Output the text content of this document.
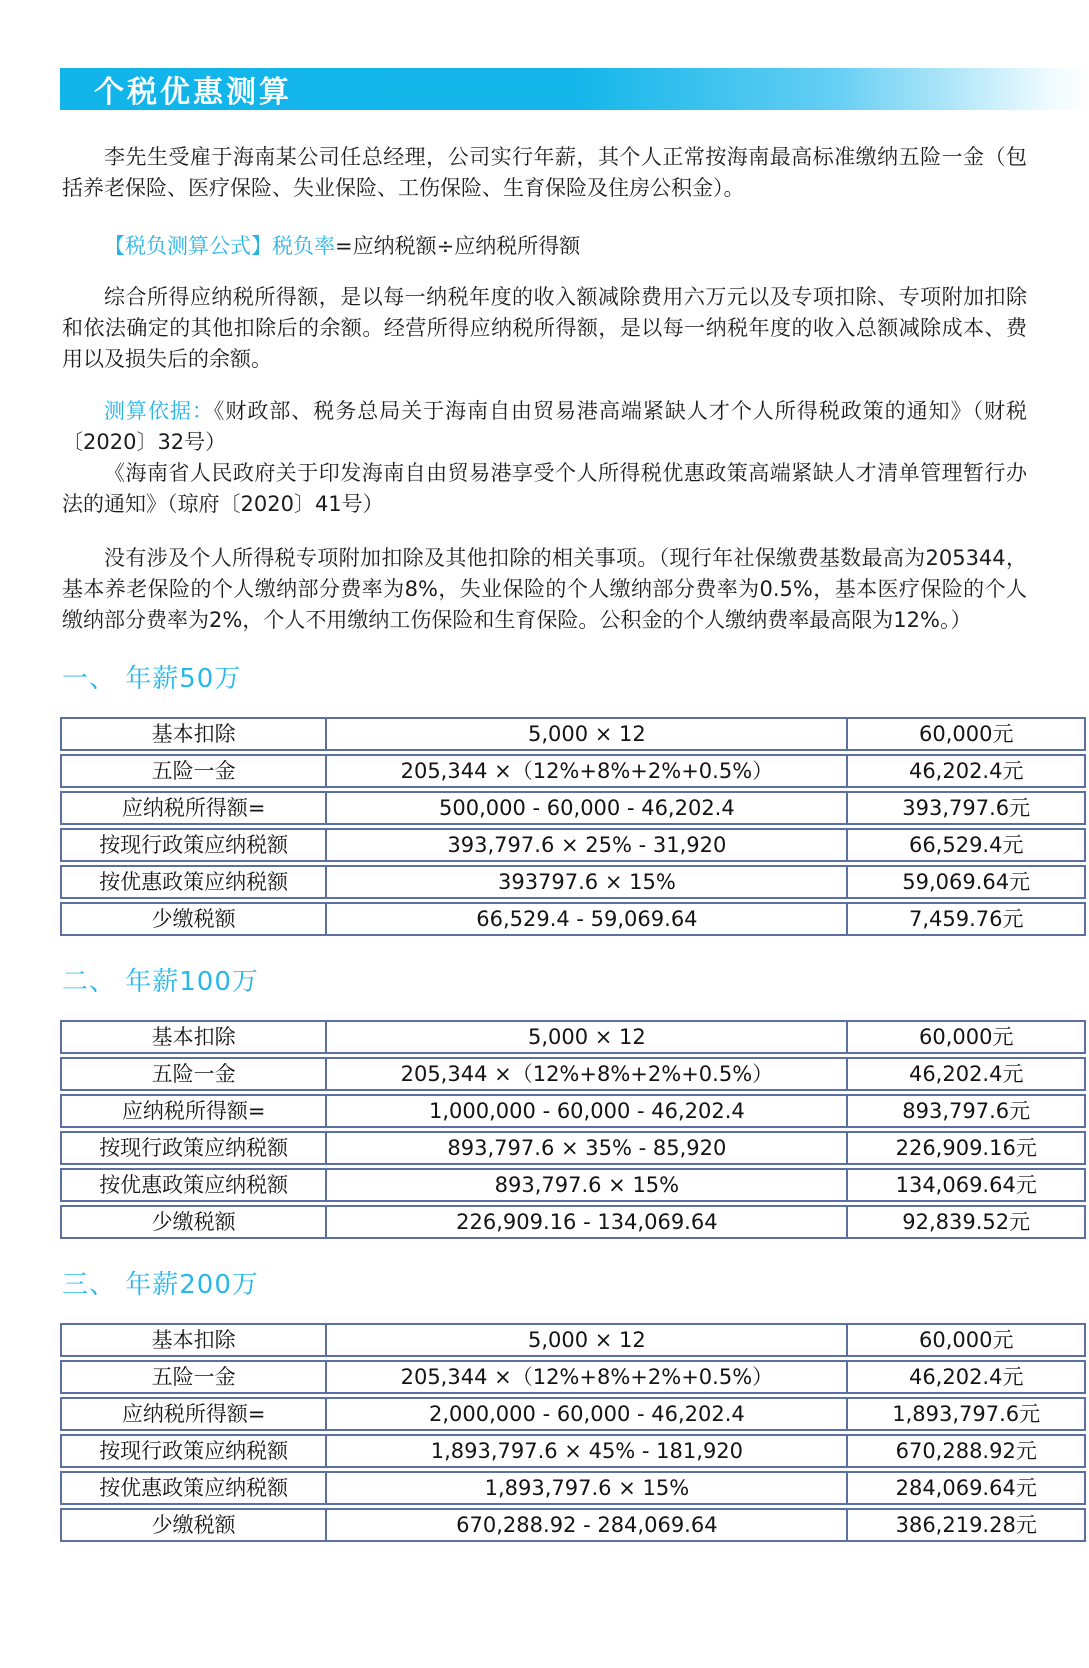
个税优惠测算

李先生受雇于海南某公司任总经理，公司实行年薪，其个人正常按海南最高标准缴纳五险一金（包括养老保险、医疗保险、失业保险、工伤保险、生育保险及住房公积金）。

【税负测算公式】税负率=应纳税额÷应纳税所得额

综合所得应纳税所得额，是以每一纳税年度的收入额减除费用六万元以及专项扣除、专项附加扣除和依法确定的其他扣除后的余额。经营所得应纳税所得额，是以每一纳税年度的收入总额减除成本、费用以及损失后的余额。

测算依据：《财政部、税务总局关于海南自由贸易港高端紧缺人才个人所得税政策的通知》（财税〔2020〕32号）

《海南省人民政府关于印发海南自由贸易港享受个人所得税优惠政策高端紧缺人才清单管理暂行办法的通知》（琼府〔2020〕41号）

没有涉及个人所得税专项附加扣除及其他扣除的相关事项。（现行年社保缴费基数最高为205344，基本养老保险的个人缴纳部分费率为8%，失业保险的个人缴纳部分费率为0.5%，基本医疗保险的个人缴纳部分费率为2%，个人不用缴纳工伤保险和生育保险。公积金的个人缴纳费率最高限为12%。）

一、 年薪50万
基本扣除	5,000 × 12	60,000元
五险一金	205,344 ×（12%+8%+2%+0.5%）	46,202.4元
应纳税所得额=	500,000 - 60,000 - 46,202.4	393,797.6元
按现行政策应纳税额	393,797.6 × 25% - 31,920	66,529.4元
按优惠政策应纳税额	393797.6 × 15%	59,069.64元
少缴税额	66,529.4 - 59,069.64	7,459.76元
二、 年薪100万
基本扣除	5,000 × 12	60,000元
五险一金	205,344 ×（12%+8%+2%+0.5%）	46,202.4元
应纳税所得额=	1,000,000 - 60,000 - 46,202.4	893,797.6元
按现行政策应纳税额	893,797.6 × 35% - 85,920	226,909.16元
按优惠政策应纳税额	893,797.6 × 15%	134,069.64元
少缴税额	226,909.16 - 134,069.64	92,839.52元
三、 年薪200万
基本扣除	5,000 × 12	60,000元
五险一金	205,344 ×（12%+8%+2%+0.5%）	46,202.4元
应纳税所得额=	2,000,000 - 60,000 - 46,202.4	1,893,797.6元
按现行政策应纳税额	1,893,797.6 × 45% - 181,920	670,288.92元
按优惠政策应纳税额	1,893,797.6 × 15%	284,069.64元
少缴税额	670,288.92 - 284,069.64	386,219.28元
